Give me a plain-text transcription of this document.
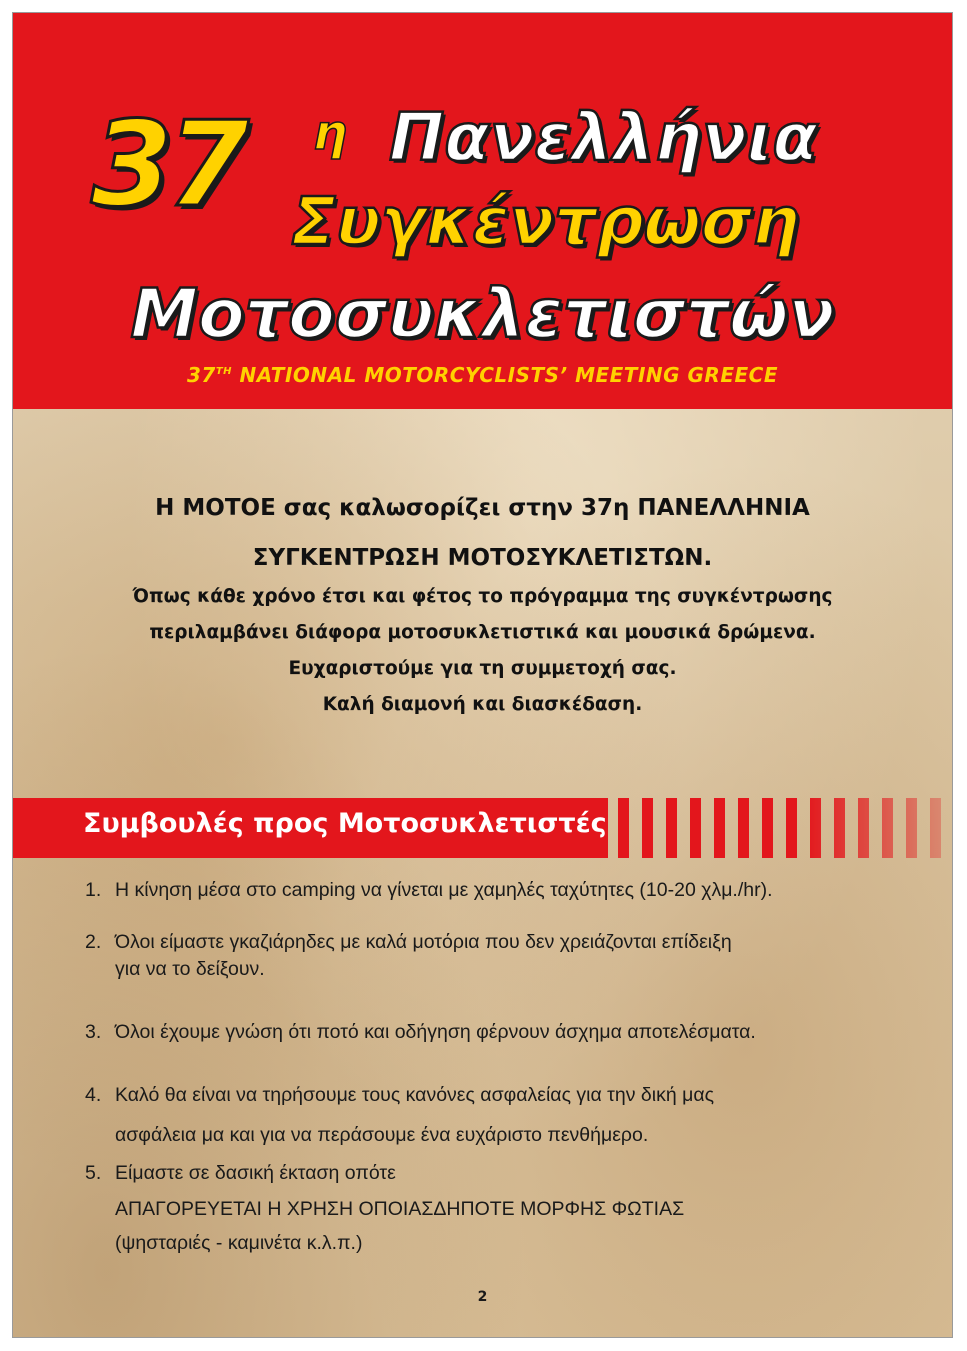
37 η Πανελλήνια
Συγκέντρωση
Μοτοσυκλετιστών
37TH NATIONAL MOTORCYCLISTS’ MEETING GREECE
Η ΜΟΤΟΕ σας καλωσορίζει στην 37η ΠΑΝΕΛΛΗΝΙΑ
ΣΥΓΚΕΝΤΡΩΣΗ ΜΟΤΟΣΥΚΛΕΤΙΣΤΩΝ.
Όπως κάθε χρόνο έτσι και φέτος το πρόγραμμα της συγκέντρωσης
περιλαμβάνει διάφορα μοτοσυκλετιστικά και μουσικά δρώμενα.
Ευχαριστούμε για τη συμμετοχή σας.
Καλή διαμονή και διασκέδαση.
Συμβουλές προς Μοτοσυκλετιστές
1. Η κίνηση μέσα στο camping να γίνεται με χαμηλές ταχύτητες (10-20 χλμ./hr).
2. Όλοι είμαστε γκαζιάρηδες με καλά μοτόρια που δεν χρειάζονται επίδειξη
για να το δείξουν.
3. Όλοι έχουμε γνώση ότι ποτό και οδήγηση φέρνουν άσχημα αποτελέσματα.
4. Καλό θα είναι να τηρήσουμε τους κανόνες ασφαλείας για την δική μας
ασφάλεια μα και για να περάσουμε ένα ευχάριστο πενθήμερο.
5. Είμαστε σε δασική έκταση οπότε
ΑΠΑΓΟΡΕΥΕΤΑΙ Η ΧΡΗΣΗ ΟΠΟΙΑΣΔΗΠΟΤΕ ΜΟΡΦΗΣ ΦΩΤΙΑΣ
(ψησταριές - καμινέτα κ.λ.π.)
2
